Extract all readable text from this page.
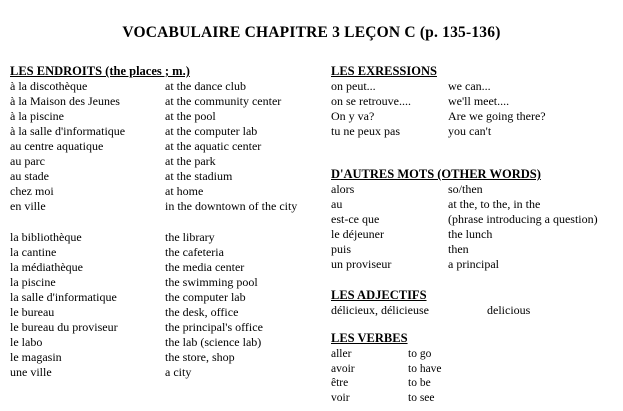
VOCABULAIRE CHAPITRE 3 LEÇON C (p. 135-136)
LES ENDROITS (the places ; m.)
à la discothèque	at the dance club
à la Maison des Jeunes	at the community center
à la piscine	at the pool
à la salle d'informatique	at the computer lab
au centre aquatique	at the aquatic center
au parc	at the park
au stade	at the stadium
chez moi	at home
en ville	in the downtown of the city
la bibliothèque	the library
la cantine	the cafeteria
la médiathèque	the media center
la piscine	the swimming pool
la salle d'informatique	the computer lab
le bureau	the desk, office
le bureau du proviseur	the principal's office
le labo	the lab (science lab)
le magasin	the store, shop
une ville	a city
LES EXRESSIONS
on peut...	we can...
on se retrouve....	we'll meet....
On y va?	Are we going there?
tu ne peux pas	you can't
D'AUTRES MOTS (OTHER WORDS)
alors	so/then
au	at the, to the, in the
est-ce que	(phrase introducing a question)
le déjeuner	the lunch
puis	then
un proviseur	a principal
LES ADJECTIFS
délicieux, délicieuse	delicious
LES VERBES
aller	to go
avoir	to have
être	to be
voir	to see
